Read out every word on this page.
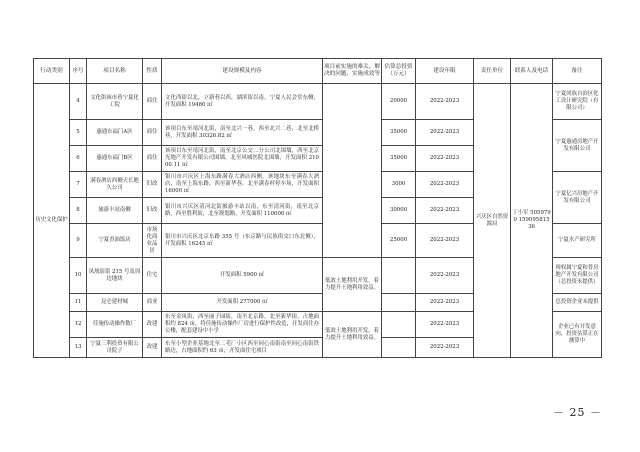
行动类别	序号	项目名称	性质	建设规模及内容	项目前实施的难关、解决的问题、实施成效等	估算总投资（万元）	建设年限	责任单位	联系人及电话	备注
历史文化保护	4	文化街袜市巷宁夏化工院	商住	文化西街以北，立新巷以西，湖滨街以南，宁夏人民会堂东侧，开发面积 19480 ㎡		20000	2022-2023	兴庆区自然资源局	丁小军 5059790 15909581536	宁夏回族自治区化工设计研究院（有限公司）
	5	惠通东福门A区	商住	该项目东至靖河北街，南至北兴一巷，西至北兴二巷，北至北桥巷，开发面积 30326.82 ㎡		35000	2022-2023			宁夏惠通房地产开发有限公司
	6	惠通东福门B区	商住	该项目东至靖河北街，南至北京公交二分公司北围墙，西至北京光地产开发有限公司围墙，北至风城医院北围墙，开发面积 21000.11 ㎡		35000	2022-2023			
	7	满春酒店西侧天长地久公司	旧改	银川市兴庆区上海东路满春大酒店西侧，该地块东至满春大酒店，南至上海东路，西至新华巷，北至满春村停车场，开发面积 16000 ㎡		3000	2022-2023			宁夏亿兴房地产开发有限公司
	8	旅游丰站南侧	旧改	银川市兴庆区清河北街旅游丰站以南，东至清河街，南至北京路，西至胜利街，北至规划路，开发面积 110000 ㎡		30000	2022-2023			
	9	宁夏香油饭店	市场化商业品居	银川市兴庆区北京东路 355 号（东京路与民族街交口东北侧），开发面积 16245 ㎡		25000	2022-2023			宁夏水产研究所
	10	凤凰街街 215 号及周边地块	住宅	开发面积 5900 ㎡	低效土地利用开发，着力提升土地利用效益。		2022-2023			现权属宁夏和普房地产开发有限公司（总投资未提供）
	11	昆仑建材城	商业	开发面积 277000 ㎡			2022-2023			总投资企业未提供
	12	佳施传动操作数厂	改建	东至金凤街，西至丽子园街，南至北京路，北至新华街，占地面积约 824 亩，将佳施传动操作厂房进行保护性改造，开发商住办公楼，配套建设中小学	低效土地利用开发，着力提升土地利用效益。		2022-2023			企业已有开发意向，投资估算正在测算中
	13	宁夏三利投资有限公司院子	改建	东至小型企业基地北至二毛厂小区西至同心南街南至同心南街铁路边，占地面积约 63 亩，开发面住宅项目			2022-2023			
－ 25 －
